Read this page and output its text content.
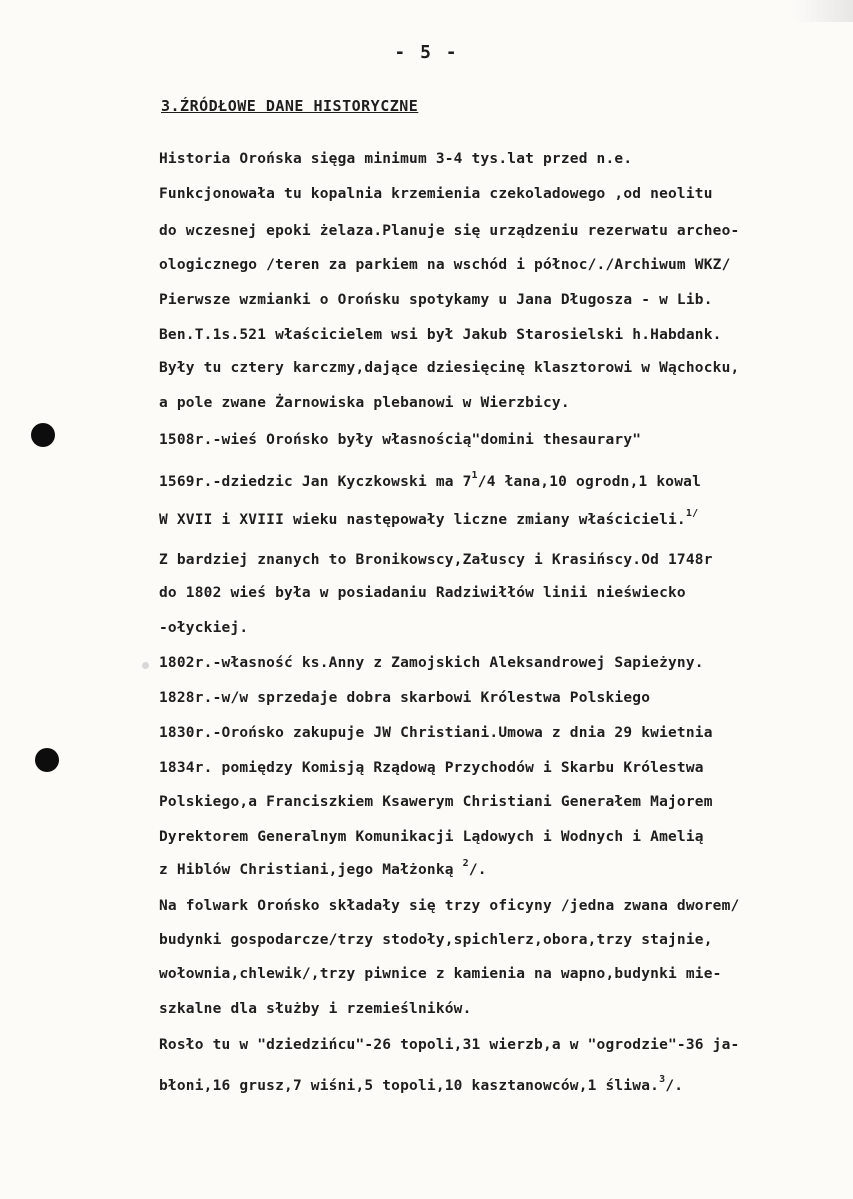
- 5 -
3.ŹRÓDŁOWE DANE HISTORYCZNE
Historia Orońska sięga minimum 3-4 tys.lat przed n.e.
Funkcjonowała tu kopalnia krzemienia czekoladowego ,od neolitu
do wczesnej epoki żelaza.Planuje się urządzeniu rezerwatu archeo-
ologicznego /teren za parkiem na wschód i północ/./Archiwum WKZ/
Pierwsze wzmianki o Orońsku spotykamy u Jana Długosza - w Lib.
Ben.T.1s.521 właścicielem wsi był Jakub Starosielski h.Habdank.
Były tu cztery karczmy,dające dziesięcinę klasztorowi w Wąchocku,
a pole zwane Żarnowiska plebanowi w Wierzbicy.
1508r.-wieś Orońsko były własnością"domini thesaurary"
1569r.-dziedzic Jan Kyczkowski ma $7^1/4$ łana,10 ogrodn,1 kowal
W XVII i XVIII wieku następowały liczne zmiany właścicieli.$^{1/}$
Z bardziej znanych to Bronikowscy,Załuscy i Krasińscy.Od 1748r
do 1802 wieś była w posiadaniu Radziwiłłów linii nieświecko
-ołyckiej.
1802r.-własność ks.Anny z Zamojskich Aleksandrowej Sapieżyny.
1828r.-w/w sprzedaje dobra skarbowi Królestwa Polskiego
1830r.-Orońsko zakupuje JW Christiani.Umowa z dnia 29 kwietnia
1834r. pomiędzy Komisją Rządową Przychodów i Skarbu Królestwa
Polskiego,a Franciszkiem Ksawerym Christiani Generałem Majorem
Dyrektorem Generalnym Komunikacji Lądowych i Wodnych i Amelią
z Hiblów Christiani,jego Małżonką $^2$/.
Na folwark Orońsko składały się trzy oficyny /jedna zwana dworem/
budynki gospodarcze/trzy stodoły,spichlerz,obora,trzy stajnie,
wołownia,chlewik/,trzy piwnice z kamienia na wapno,budynki mie-
szkalne dla służby i rzemieślników.
Rosło tu w "dziedzińcu"-26 topoli,31 wierzb,a w "ogrodzie"-36 ja-
błoni,16 grusz,7 wiśni,5 topoli,10 kasztanowców,1 śliwa.$^3$/.
